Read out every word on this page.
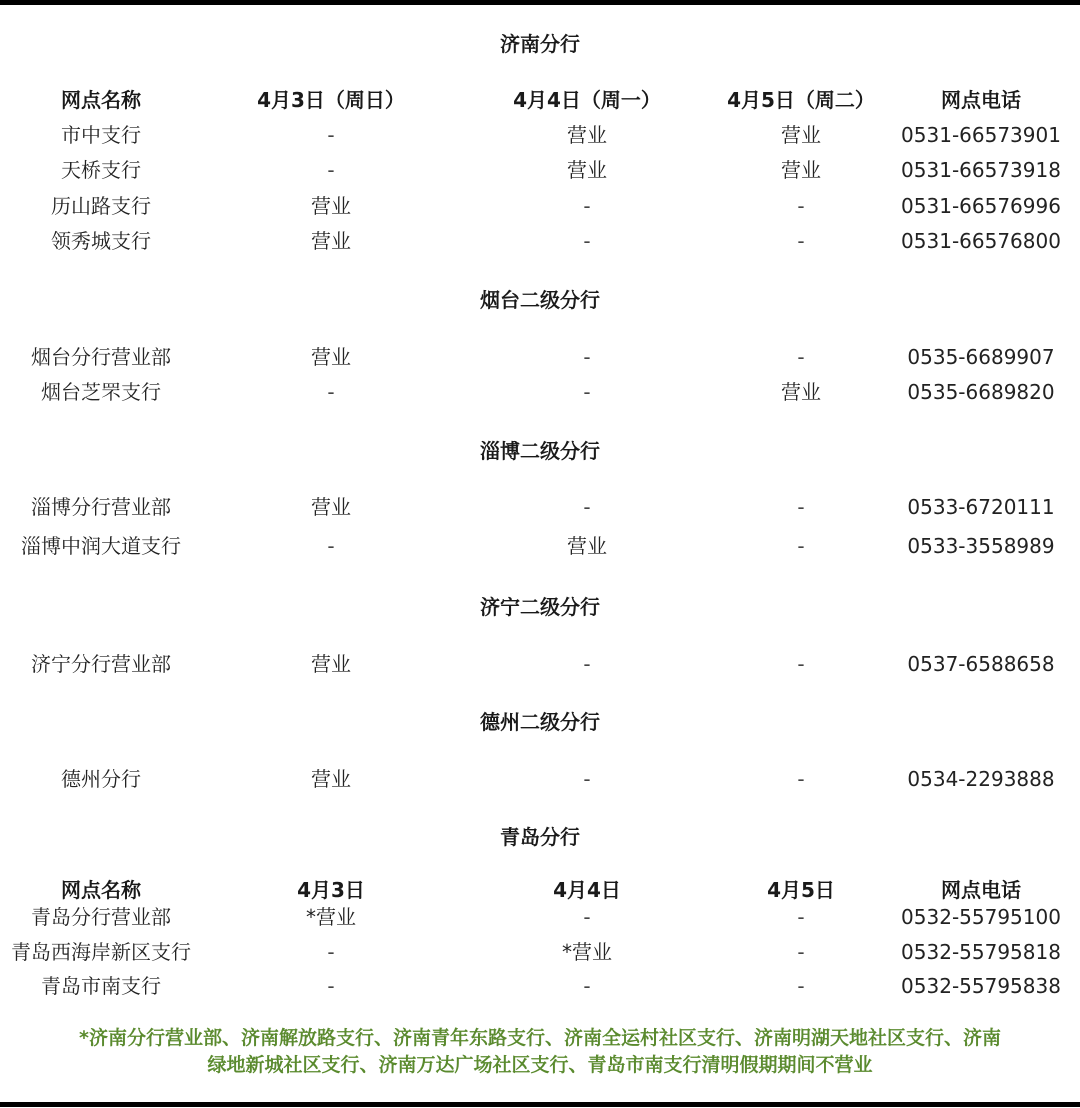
济南分行
网点名称	4月3日（周日）	4月4日（周一）	4月5日（周二）	网点电话
市中支行	-	营业	营业	0531-66573901
天桥支行	-	营业	营业	0531-66573918
历山路支行	营业	-	-	0531-66576996
领秀城支行	营业	-	-	0531-66576800
烟台二级分行
烟台分行营业部	营业	-	-	0535-6689907
烟台芝罘支行	-	-	营业	0535-6689820
淄博二级分行
淄博分行营业部	营业	-	-	0533-6720111
淄博中润大道支行	-	营业	-	0533-3558989
济宁二级分行
济宁分行营业部	营业	-	-	0537-6588658
德州二级分行
德州分行	营业	-	-	0534-2293888
青岛分行
网点名称	4月3日	4月4日	4月5日	网点电话
青岛分行营业部	*营业	-	-	0532-55795100
青岛西海岸新区支行	-	*营业	-	0532-55795818
青岛市南支行	-	-	-	0532-55795838
*济南分行营业部、济南解放路支行、济南青年东路支行、济南全运村社区支行、济南明湖天地社区支行、济南
绿地新城社区支行、济南万达广场社区支行、青岛市南支行清明假期期间不营业
